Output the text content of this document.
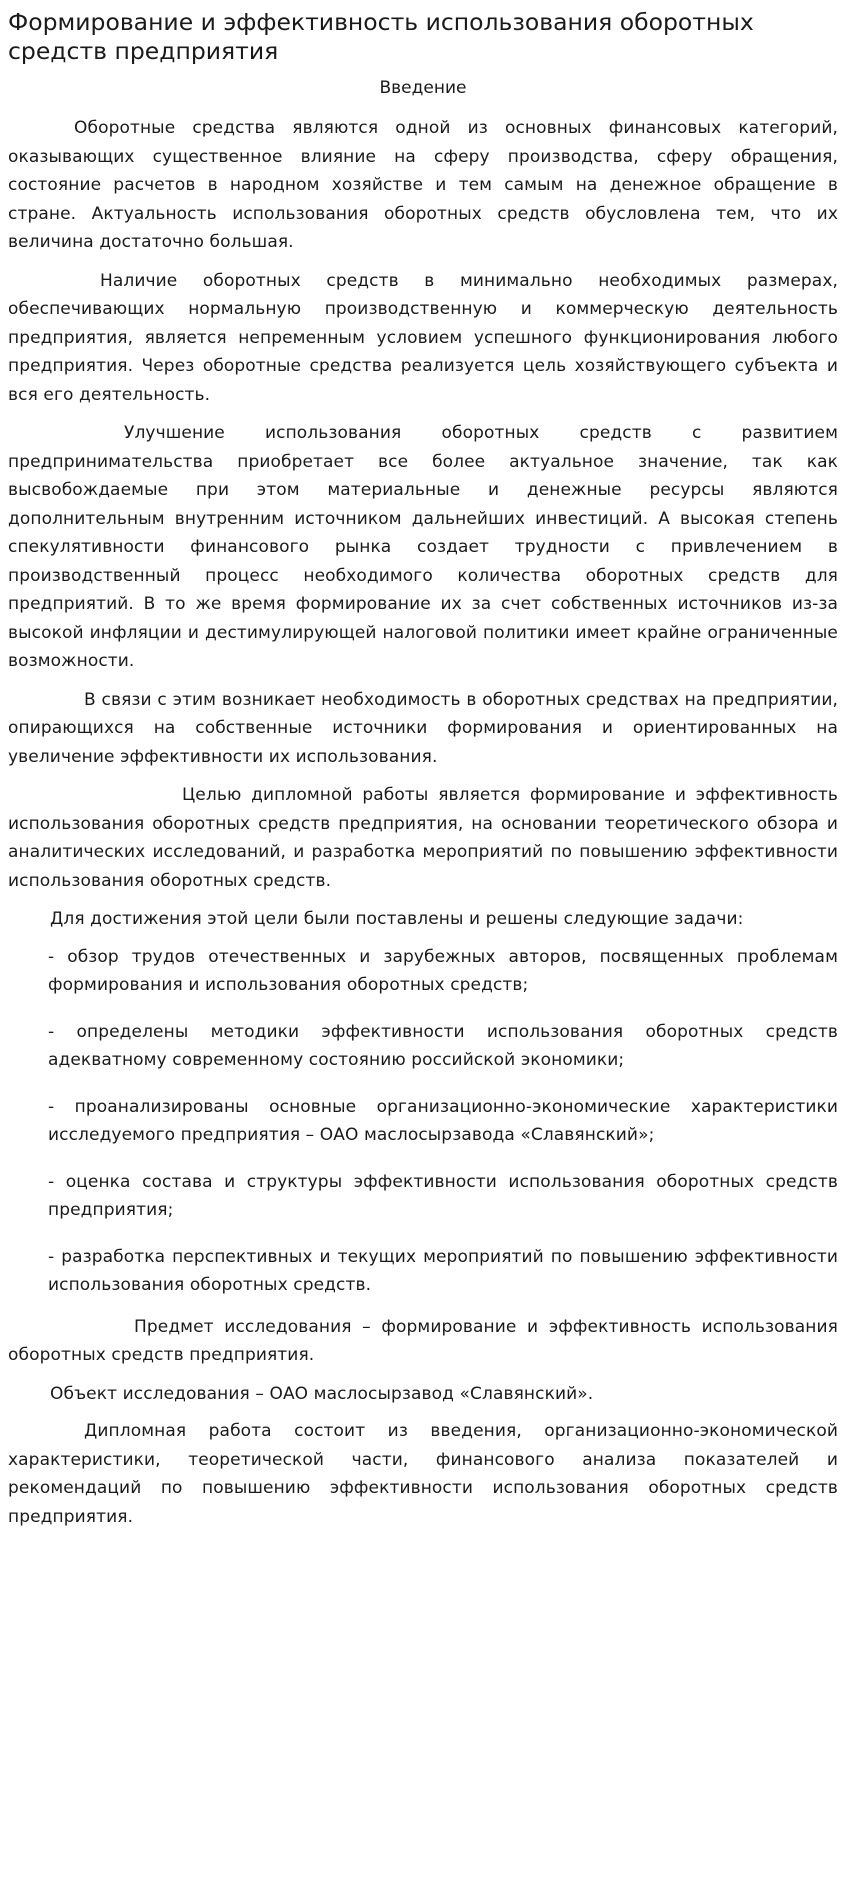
Формирование и эффективность использования оборотных средств предприятия
Введение

Оборотные средства являются одной из основных финансовых категорий, оказывающих существенное влияние на сферу производства, сферу обращения, состояние расчетов в народном хозяйстве и тем самым на денежное обращение в стране. Актуальность использования оборотных средств обусловлена тем, что их величина достаточно большая.

Наличие оборотных средств в минимально необходимых размерах, обеспечивающих нормальную производственную и коммерческую деятельность предприятия, является непременным условием успешного функционирования любого предприятия. Через оборотные средства реализуется цель хозяйствующего субъекта и вся его деятельность.

Улучшение использования оборотных средств с развитием предпринимательства приобретает все более актуальное значение, так как высвобождаемые при этом материальные и денежные ресурсы являются дополнительным внутренним источником дальнейших инвестиций. А высокая степень спекулятивности финансового рынка создает трудности с привлечением в производственный процесс необходимого количества оборотных средств для предприятий. В то же время формирование их за счет собственных источников из-за высокой инфляции и дестимулирующей налоговой политики имеет крайне ограниченные возможности.

В связи с этим возникает необходимость в оборотных средствах на предприятии, опирающихся на собственные источники формирования и ориентированных на увеличение эффективности их использования.

Целью дипломной работы является формирование и эффективность использования оборотных средств предприятия, на основании теоретического обзора и аналитических исследований, и разработка мероприятий по повышению эффективности использования оборотных средств.

Для достижения этой цели были поставлены и решены следующие задачи:

- обзор трудов отечественных и зарубежных авторов, посвященных проблемам формирования и использования оборотных средств;

- определены методики эффективности использования оборотных средств адекватному современному состоянию российской экономики;

- проанализированы основные организационно-экономические характеристики исследуемого предприятия – ОАО маслосырзавода «Славянский»;

- оценка состава и структуры эффективности использования оборотных средств предприятия;

- разработка перспективных и текущих мероприятий по повышению эффективности использования оборотных средств.

Предмет исследования – формирование и эффективность использования оборотных средств предприятия.

Объект исследования – ОАО маслосырзавод «Славянский».

Дипломная работа состоит из введения, организационно-экономической характеристики, теоретической части, финансового анализа показателей и рекомендаций по повышению эффективности использования оборотных средств предприятия.
